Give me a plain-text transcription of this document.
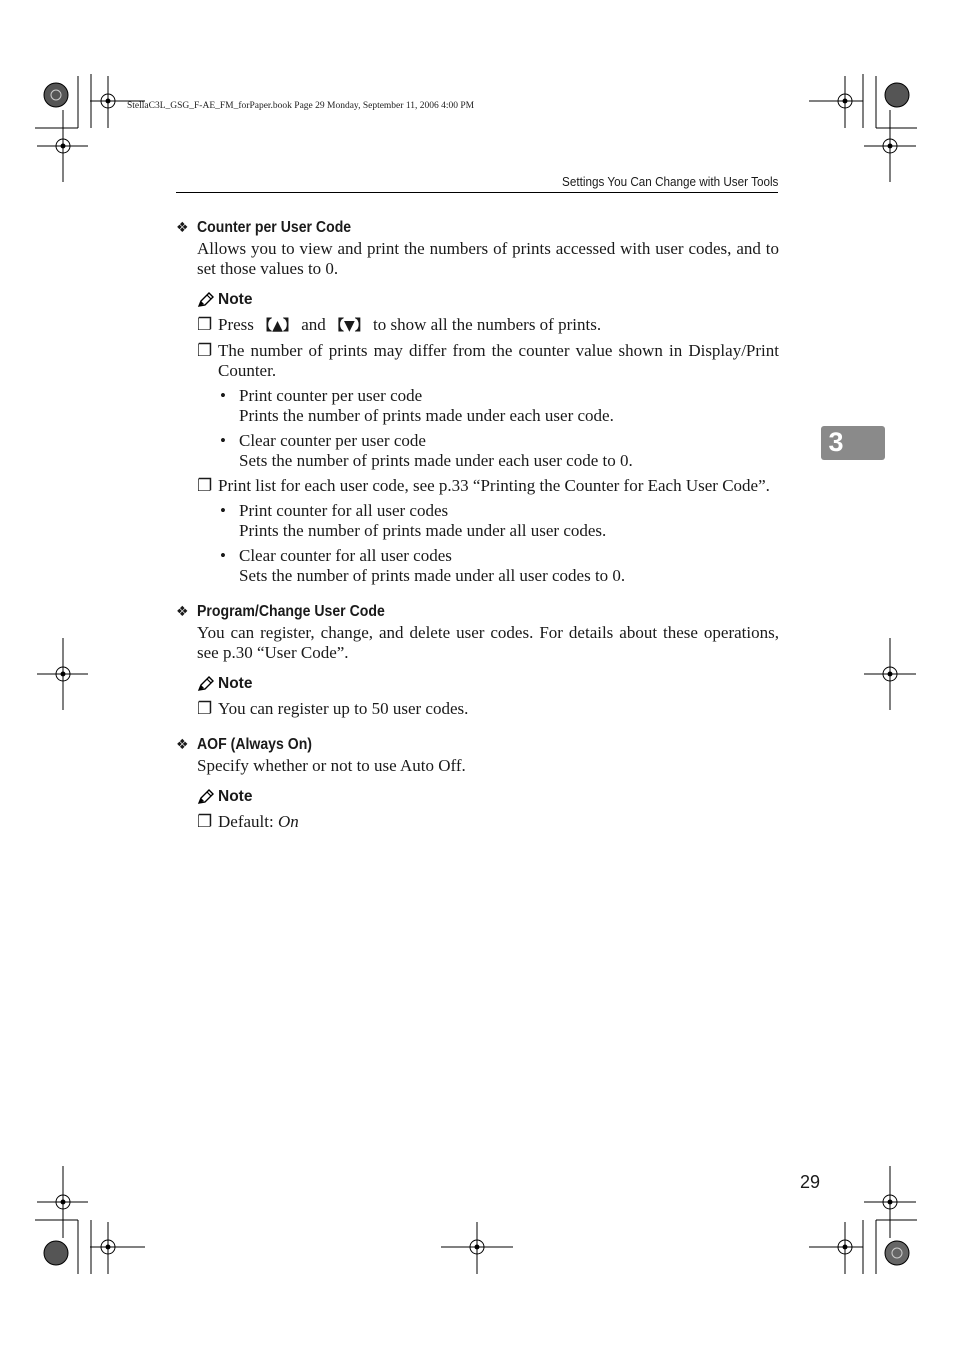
StellaC3L_GSG_F-AE_FM_forPaper.book Page 29 Monday, September 11, 2006 4:00 PM
Settings You Can Change with User Tools
3
❖ Counter per User Code
Allows you to view and print the numbers of prints accessed with user codes, and to set those values to 0.
Note
❐ Press 【▲】 and 【▼】 to show all the numbers of prints.
❐ The number of prints may differ from the counter value shown in Display/Print Counter.
• Print counter per user code
Prints the number of prints made under each user code.
• Clear counter per user code
Sets the number of prints made under each user code to 0.
❐ Print list for each user code, see p.33 “Printing the Counter for Each User Code”.
• Print counter for all user codes
Prints the number of prints made under all user codes.
• Clear counter for all user codes
Sets the number of prints made under all user codes to 0.
❖ Program/Change User Code
You can register, change, and delete user codes. For details about these operations, see p.30 “User Code”.
Note
❐ You can register up to 50 user codes.
❖ AOF (Always On)
Specify whether or not to use Auto Off.
Note
❐ Default: On
29
